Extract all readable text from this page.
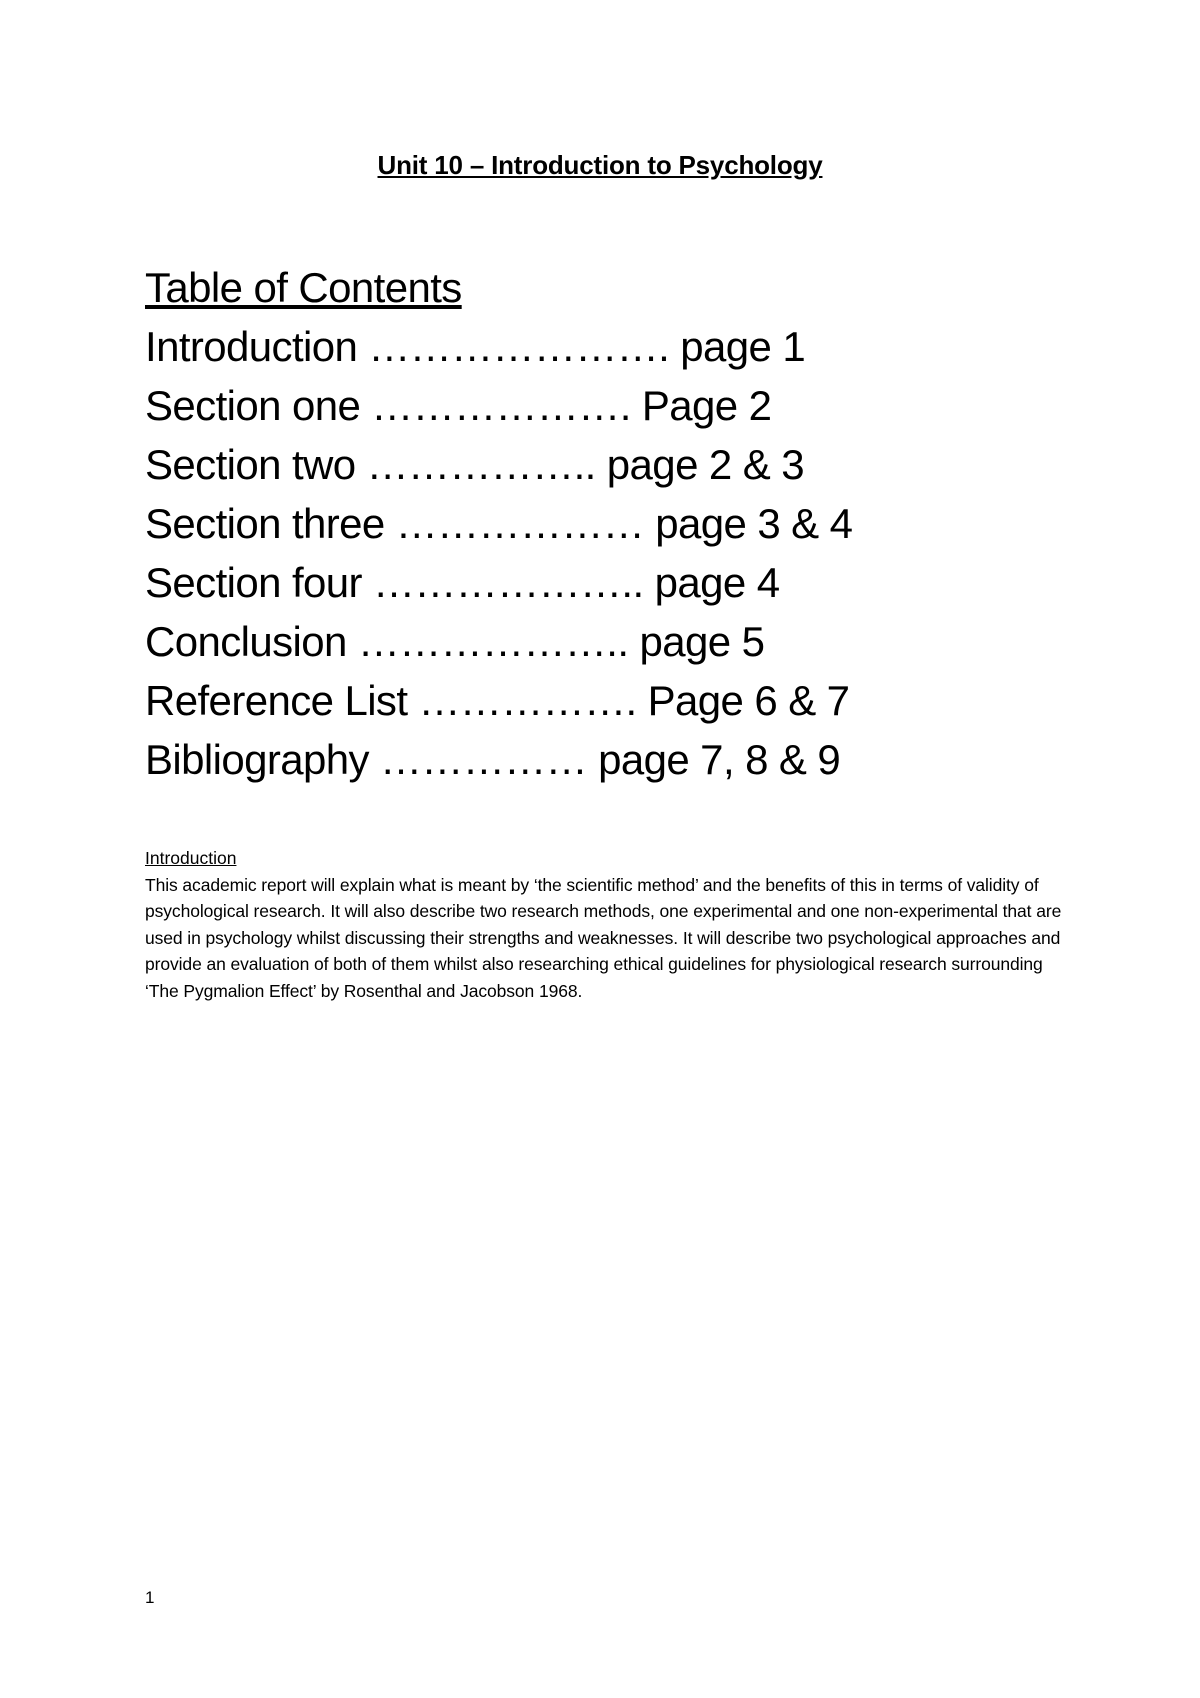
Unit 10 – Introduction to Psychology
Table of Contents
Introduction …………………. page 1
Section one ………………. Page 2
Section two …………….. page 2 & 3
Section three ……………… page 3 & 4
Section four ……………….. page 4
Conclusion ……………….. page 5
Reference List ……………. Page 6 & 7
Bibliography …………… page 7, 8 & 9
Introduction

This academic report will explain what is meant by ‘the scientific method’ and the benefits of this in terms of validity of psychological research. It will also describe two research methods, one experimental and one non-experimental that are used in psychology whilst discussing their strengths and weaknesses. It will describe two psychological approaches and provide an evaluation of both of them whilst also researching ethical guidelines for physiological research surrounding ‘The Pygmalion Effect’ by Rosenthal and Jacobson 1968.

1
